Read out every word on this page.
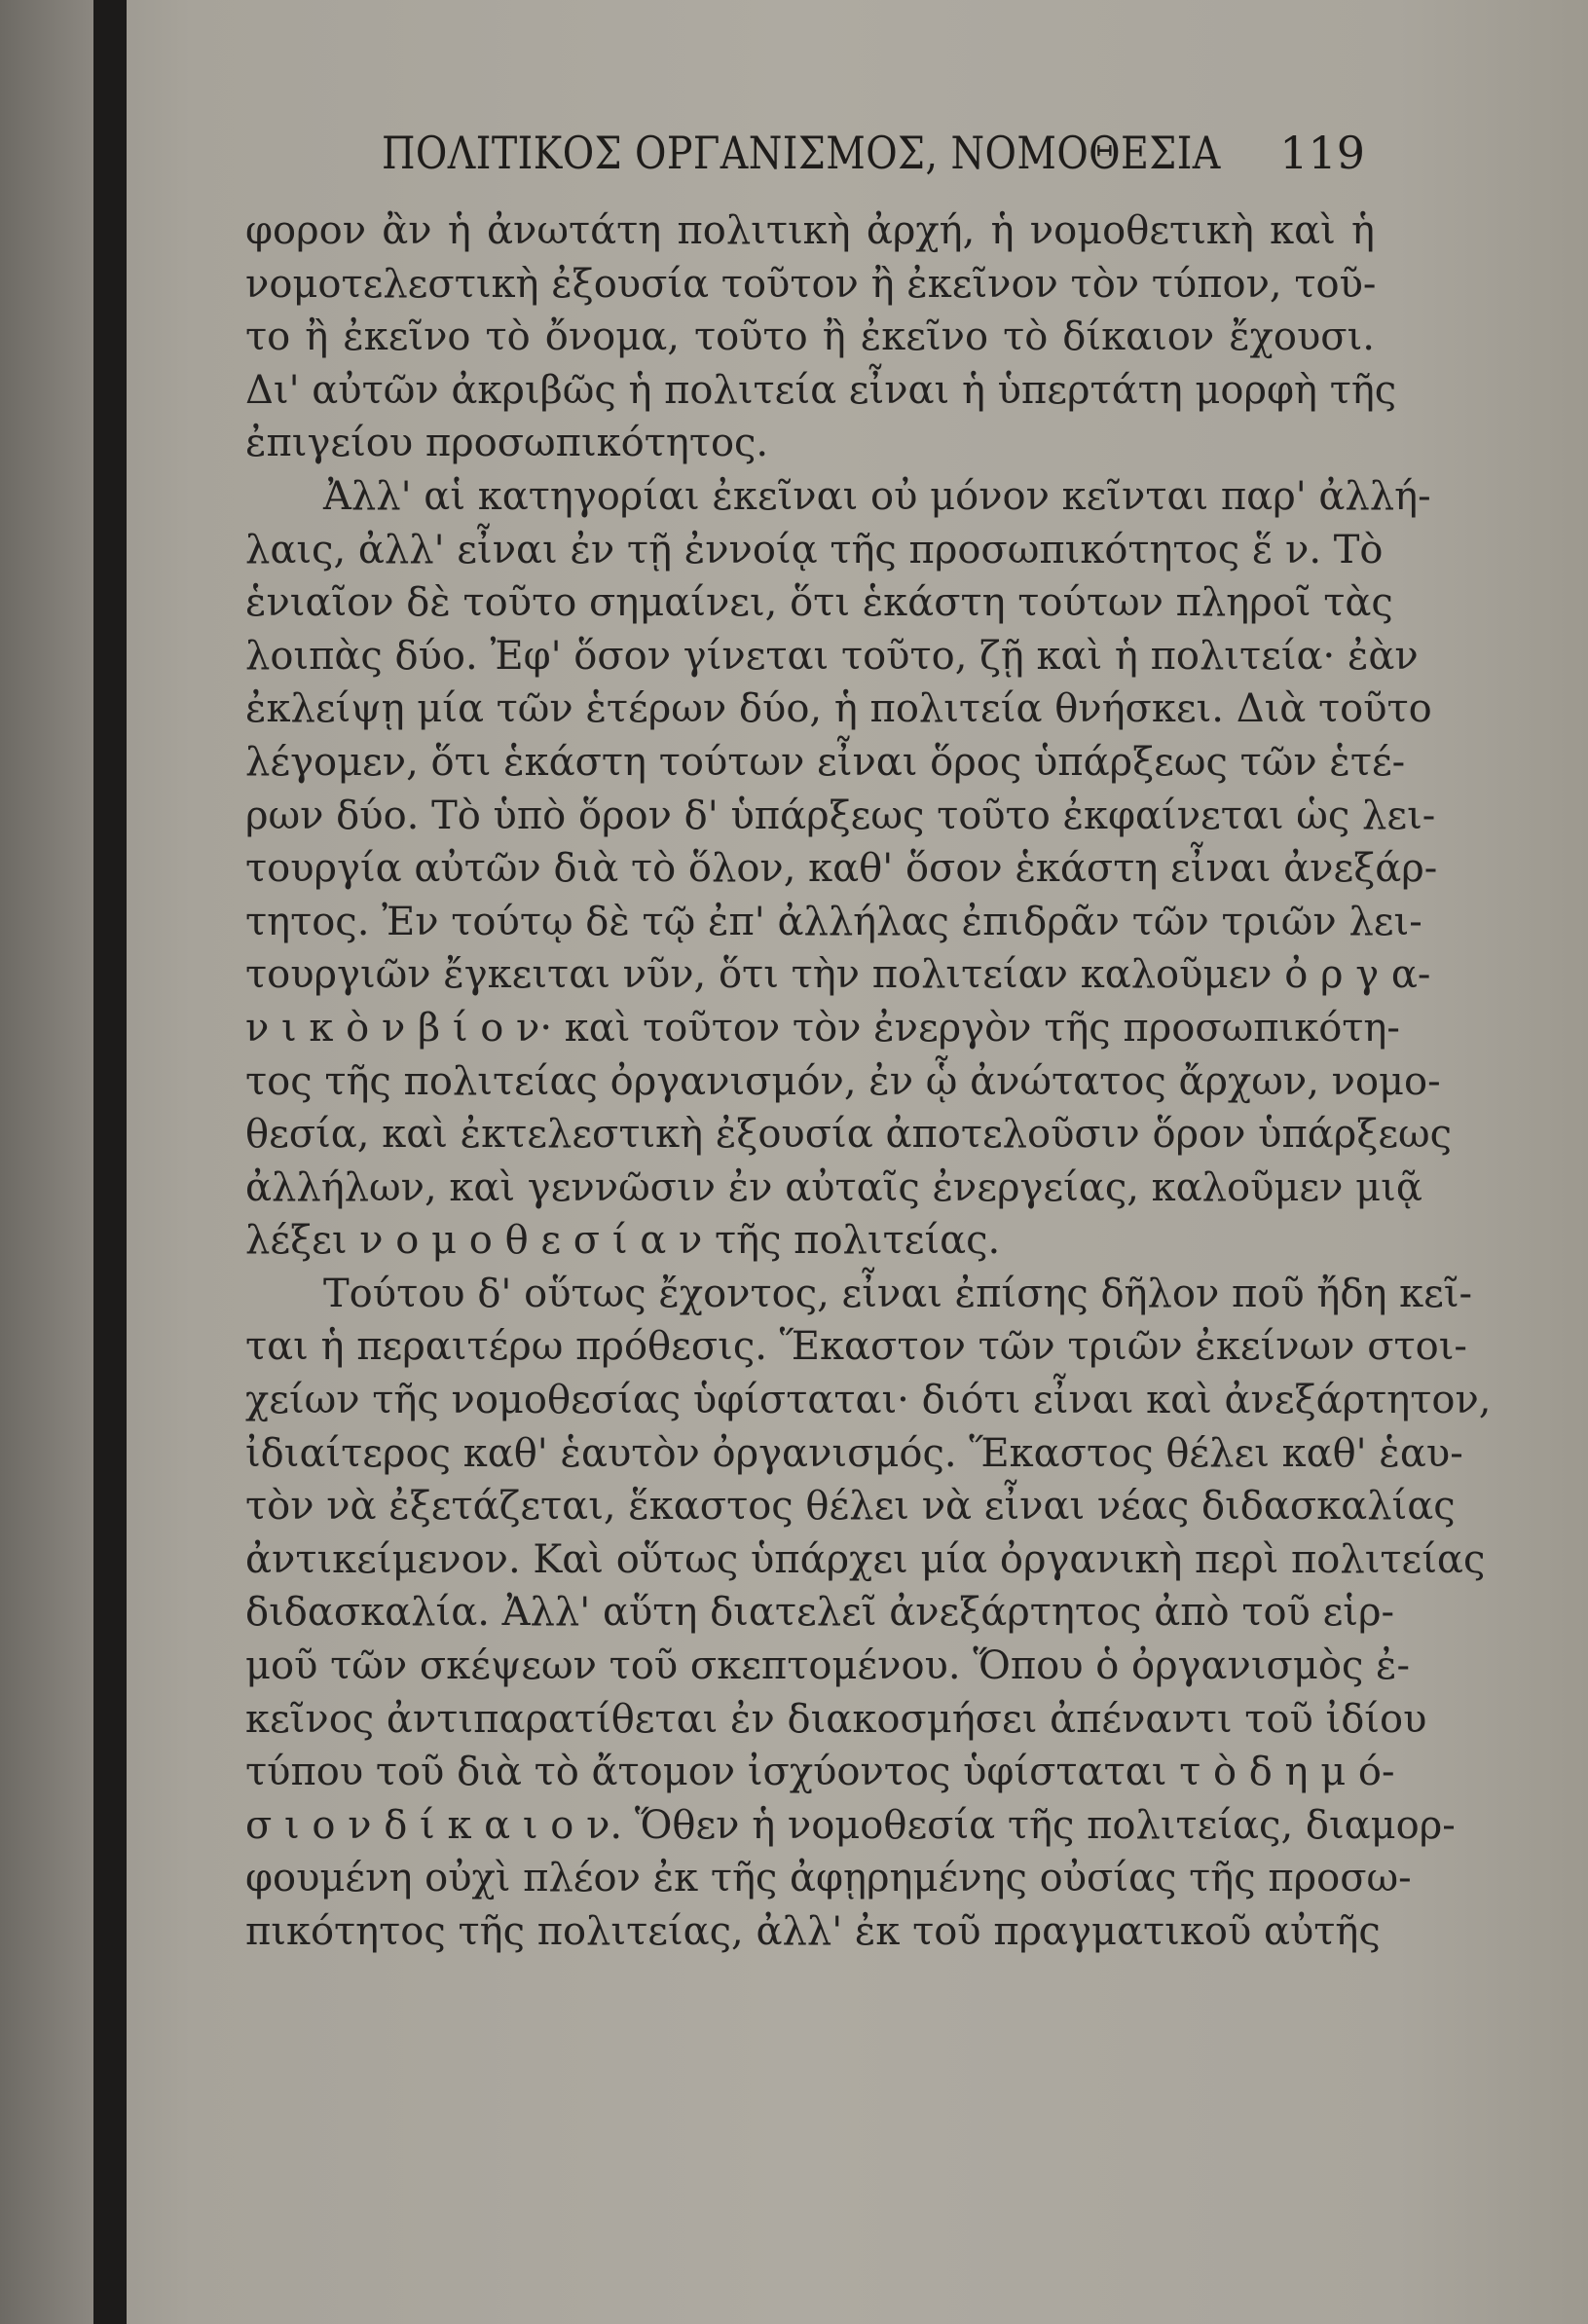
ΠΟΛΙΤΙΚΟΣ ΟΡΓΑΝΙΣΜΟΣ, ΝΟΜΟΘΕΣΙΑ 119
φορον ἂν ἡ ἀνωτάτη πολιτικὴ ἀρχή, ἡ νομοθετικὴ καὶ ἡ
νομοτελεστικὴ ἐξουσία τοῦτον ἢ ἐκεῖνον τὸν τύπον, τοῦ-
το ἢ ἐκεῖνο τὸ ὄνομα, τοῦτο ἢ ἐκεῖνο τὸ δίκαιον ἔχουσι.
Δι' αὐτῶν ἀκριβῶς ἡ πολιτεία εἶναι ἡ ὑπερτάτη μορφὴ τῆς
ἐπιγείου προσωπικότητος.
Ἀλλ' αἱ κατηγορίαι ἐκεῖναι οὐ μόνον κεῖνται παρ' ἀλλή-
λαις, ἀλλ' εἶναι ἐν τῇ ἐννοίᾳ τῆς προσωπικότητος ἕ ν. Τὸ
ἑνιαῖον δὲ τοῦτο σημαίνει, ὅτι ἑκάστη τούτων πληροῖ τὰς
λοιπὰς δύο. Ἐφ' ὅσον γίνεται τοῦτο, ζῇ καὶ ἡ πολιτεία· ἐὰν
ἐκλείψῃ μία τῶν ἑτέρων δύο, ἡ πολιτεία θνήσκει. Διὰ τοῦτο
λέγομεν, ὅτι ἑκάστη τούτων εἶναι ὅρος ὑπάρξεως τῶν ἑτέ-
ρων δύο. Τὸ ὑπὸ ὅρον δ' ὑπάρξεως τοῦτο ἐκφαίνεται ὡς λει-
τουργία αὐτῶν διὰ τὸ ὅλον, καθ' ὅσον ἑκάστη εἶναι ἀνεξάρ-
τητος. Ἐν τούτῳ δὲ τῷ ἐπ' ἀλλήλας ἐπιδρᾶν τῶν τριῶν λει-
τουργιῶν ἔγκειται νῦν, ὅτι τὴν πολιτείαν καλοῦμεν ὀ ρ γ α-
ν ι κ ὸ ν β ί ο ν· καὶ τοῦτον τὸν ἐνεργὸν τῆς προσωπικότη-
τος τῆς πολιτείας ὀργανισμόν, ἐν ᾧ ἀνώτατος ἄρχων, νομο-
θεσία, καὶ ἐκτελεστικὴ ἐξουσία ἀποτελοῦσιν ὅρον ὑπάρξεως
ἀλλήλων, καὶ γεννῶσιν ἐν αὐταῖς ἐνεργείας, καλοῦμεν μιᾷ
λέξει ν ο μ ο θ ε σ ί α ν τῆς πολιτείας.
Τούτου δ' οὕτως ἔχοντος, εἶναι ἐπίσης δῆλον ποῦ ἤδη κεῖ-
ται ἡ περαιτέρω πρόθεσις. Ἕκαστον τῶν τριῶν ἐκείνων στοι-
χείων τῆς νομοθεσίας ὑφίσταται· διότι εἶναι καὶ ἀνεξάρτητον,
ἰδιαίτερος καθ' ἑαυτὸν ὀργανισμός. Ἕκαστος θέλει καθ' ἑαυ-
τὸν νὰ ἐξετάζεται, ἕκαστος θέλει νὰ εἶναι νέας διδασκαλίας
ἀντικείμενον. Καὶ οὕτως ὑπάρχει μία ὀργανικὴ περὶ πολιτείας
διδασκαλία. Ἀλλ' αὕτη διατελεῖ ἀνεξάρτητος ἀπὸ τοῦ εἱρ-
μοῦ τῶν σκέψεων τοῦ σκεπτομένου. Ὅπου ὁ ὀργανισμὸς ἐ-
κεῖνος ἀντιπαρατίθεται ἐν διακοσμήσει ἀπέναντι τοῦ ἰδίου
τύπου τοῦ διὰ τὸ ἄτομον ἰσχύοντος ὑφίσταται τ ὸ δ η μ ό-
σ ι ο ν δ ί κ α ι ο ν. Ὅθεν ἡ νομοθεσία τῆς πολιτείας, διαμορ-
φουμένη οὐχὶ πλέον ἐκ τῆς ἀφῃρημένης οὐσίας τῆς προσω-
πικότητος τῆς πολιτείας, ἀλλ' ἐκ τοῦ πραγματικοῦ αὐτῆς
